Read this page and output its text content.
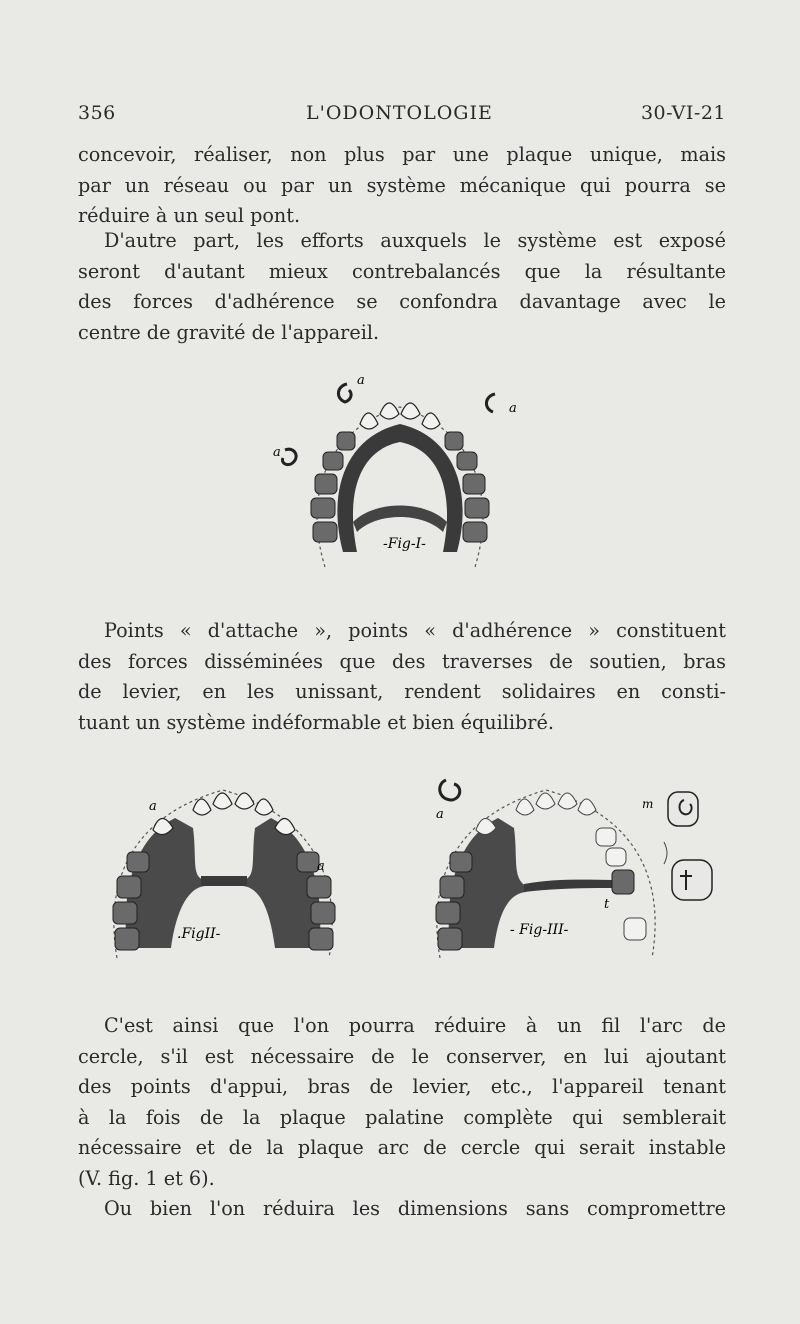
356	L'ODONTOLOGIE	30-VI-21
concevoir, réaliser, non plus par une plaque unique, mais
par un réseau ou par un système mécanique qui pourra se
réduire à un seul pont.
D'autre part, les efforts auxquels le système est exposé
seront d'autant mieux contrebalancés que la résultante
des forces d'adhérence se confondra davantage avec le
centre de gravité de l'appareil.
-Fig-I-
a
a
a
Points « d'attache », points « d'adhérence » constituent
des forces disséminées que des traverses de soutien, bras
de levier, en les unissant, rendent solidaires en consti-
tuant un système indéformable et bien équilibré.
.FigII-
a
a
- Fig-III-
a
m
t
C'est ainsi que l'on pourra réduire à un fil l'arc de
cercle, s'il est nécessaire de le conserver, en lui ajoutant
des points d'appui, bras de levier, etc., l'appareil tenant
à la fois de la plaque palatine complète qui semblerait
nécessaire et de la plaque arc de cercle qui serait instable
(V. fig. 1 et 6).
Ou bien l'on réduira les dimensions sans compromettre
